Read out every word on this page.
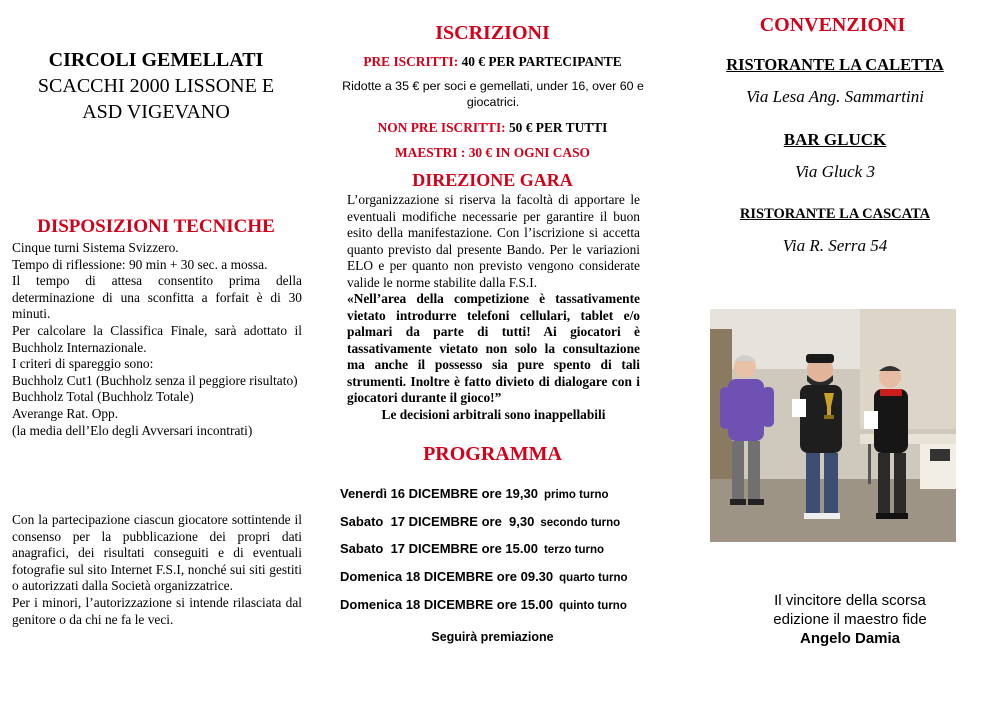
CIRCOLI GEMELLATI
SCACCHI 2000 LISSONE E
ASD VIGEVANO
DISPOSIZIONI TECNICHE

Cinque turni Sistema Svizzero.

Tempo di riflessione: 90 min + 30 sec. a mossa.

Il tempo di attesa consentito prima della determinazione di una sconfitta a forfait è di 30 minuti.

Per calcolare la Classifica Finale, sarà adottato il Buchholz Internazionale.

I criteri di spareggio sono:

Buchholz Cut1 (Buchholz senza il peggiore risultato)

Buchholz Total (Buchholz Totale)

Averange Rat. Opp.

(la media dell’Elo degli Avversari incontrati)

Con la partecipazione ciascun giocatore sottintende il consenso per la pubblicazione dei propri dati anagrafici, dei risultati conseguiti e di eventuali fotografie sul sito Internet F.S.I, nonché sui siti gestiti o autorizzati dalla Società organizzatrice.

Per i minori, l’autorizzazione si intende rilasciata dal genitore o da chi ne fa le veci.

ISCRIZIONI
PRE ISCRITTI: 40 € PER PARTECIPANTE
Ridotte a 35 € per soci e gemellati, under 16, over 60 e giocatrici.
NON PRE ISCRITTI: 50 € PER TUTTI
MAESTRI : 30 € IN OGNI CASO
DIREZIONE GARA

L’organizzazione si riserva la facoltà di apportare le eventuali modifiche necessarie per garantire il buon esito della manifestazione. Con l’iscrizione si accetta quanto previsto dal presente Bando. Per le variazioni ELO e per quanto non previsto vengono considerate valide le norme stabilite dalla F.S.I.

«Nell’area della competizione è tassativamente vietato introdurre telefoni cellulari, tablet e/o palmari da parte di tutti! Ai giocatori è tassativamente vietato non solo la consultazione ma anche il possesso sia pure spento di tali strumenti. Inoltre è fatto divieto di dialogare con i giocatori durante il gioco!”

Le decisioni arbitrali sono inappellabili

PROGRAMMA
Venerdì 16 DICEMBRE ore 19,30 primo turno
Sabato  17 DICEMBRE ore  9,30 secondo turno
Sabato  17 DICEMBRE ore 15.00 terzo turno
Domenica 18 DICEMBRE ore 09.30 quarto turno
Domenica 18 DICEMBRE ore 15.00 quinto turno
Seguirà premiazione
CONVENZIONI
RISTORANTE LA CALETTA
Via Lesa Ang. Sammartini
BAR GLUCK
Via Gluck 3
RISTORANTE LA CASCATA
Via R. Serra 54
Il vincitore della scorsa
edizione il maestro fide
Angelo Damia
